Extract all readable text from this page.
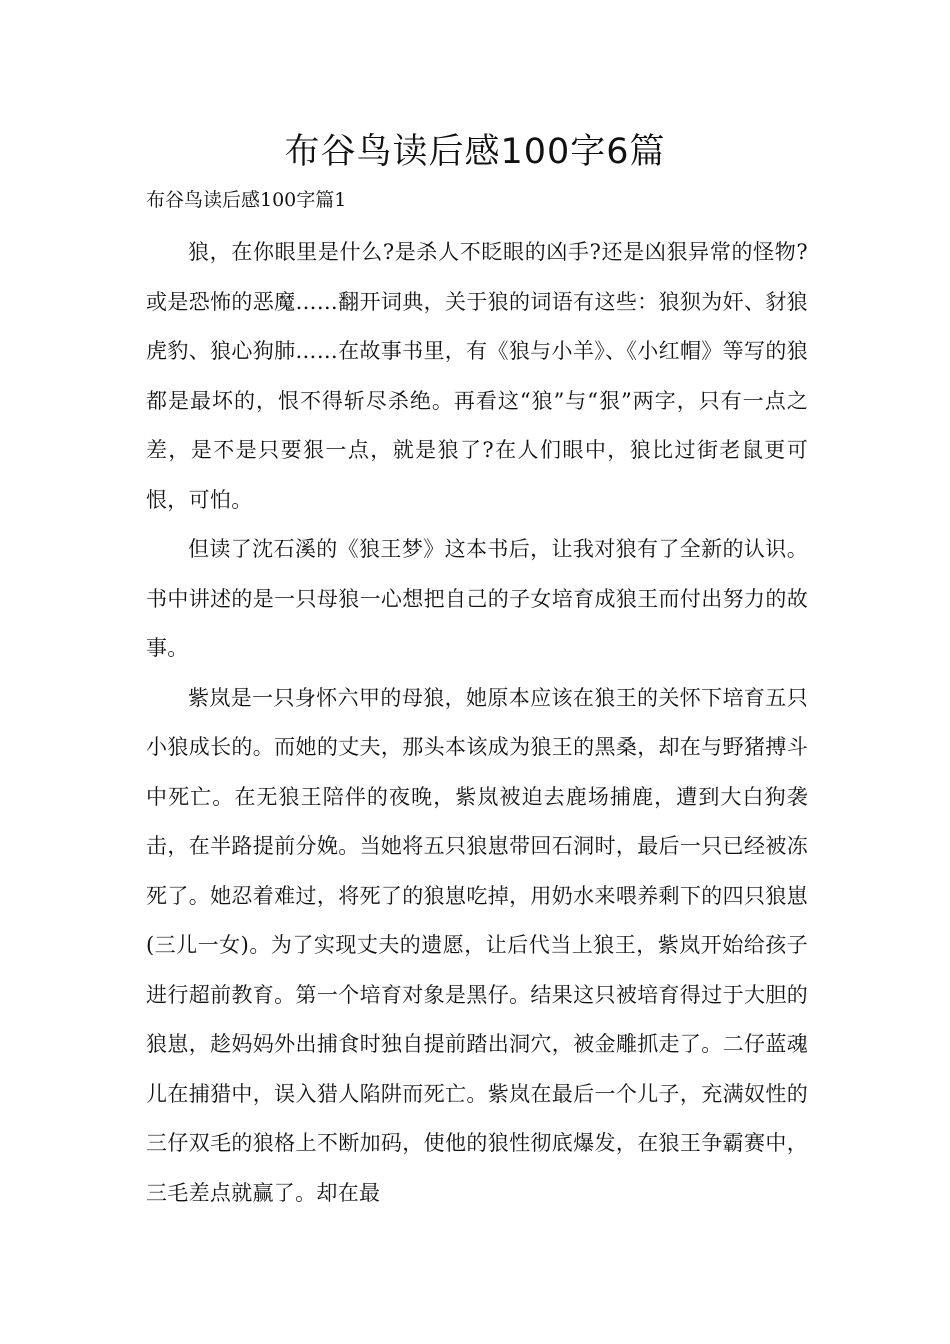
布谷鸟读后感100字6篇
布谷鸟读后感100字篇1

狼，在你眼里是什么?是杀人不眨眼的凶手?还是凶狠异常的怪物?或是恐怖的恶魔……翻开词典，关于狼的词语有这些：狼狈为奸、豺狼虎豹、狼心狗肺……在故事书里，有《狼与小羊》、《小红帽》等写的狼都是最坏的，恨不得斩尽杀绝。再看这“狼”与“狠”两字，只有一点之差，是不是只要狠一点，就是狼了?在人们眼中，狼比过街老鼠更可恨，可怕。

但读了沈石溪的《狼王梦》这本书后，让我对狼有了全新的认识。书中讲述的是一只母狼一心想把自己的子女培育成狼王而付出努力的故事。

紫岚是一只身怀六甲的母狼，她原本应该在狼王的关怀下培育五只小狼成长的。而她的丈夫，那头本该成为狼王的黑桑，却在与野猪搏斗中死亡。在无狼王陪伴的夜晚，紫岚被迫去鹿场捕鹿，遭到大白狗袭击，在半路提前分娩。当她将五只狼崽带回石洞时，最后一只已经被冻死了。她忍着难过，将死了的狼崽吃掉，用奶水来喂养剩下的四只狼崽(三儿一女)。为了实现丈夫的遗愿，让后代当上狼王，紫岚开始给孩子进行超前教育。第一个培育对象是黑仔。结果这只被培育得过于大胆的狼崽，趁妈妈外出捕食时独自提前踏出洞穴，被金雕抓走了。二仔蓝魂儿在捕猎中，误入猎人陷阱而死亡。紫岚在最后一个儿子，充满奴性的三仔双毛的狼格上不断加码，使他的狼性彻底爆发，在狼王争霸赛中，三毛差点就赢了。却在最
